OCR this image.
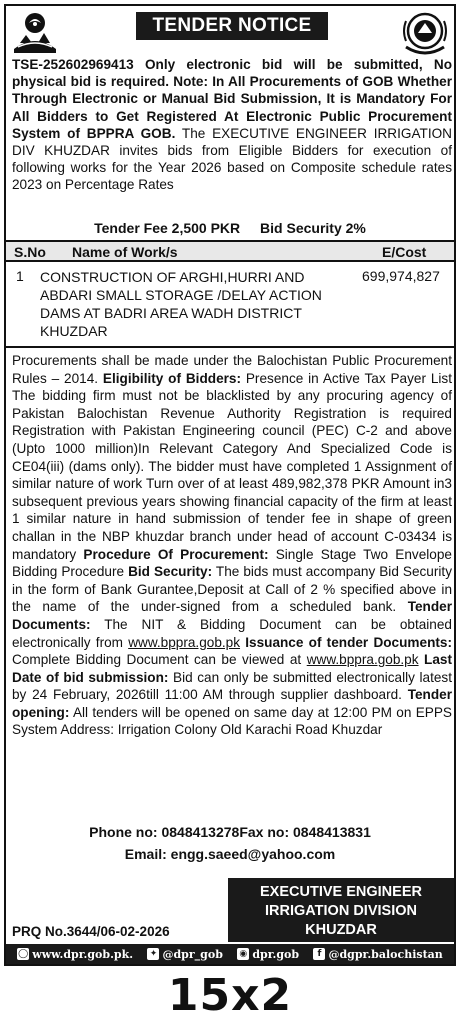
TENDER NOTICE
TSE-252602969413 Only electronic bid will be submitted, No physical bid is required. Note: In All Procurements of GOB Whether Through Electronic or Manual Bid Submission, It is Mandatory For All Bidders to Get Registered At Electronic Public Procurement System of BPPRA GOB. The EXECUTIVE ENGINEER IRRIGATION DIV KHUZDAR invites bids from Eligible Bidders for execution of following works for the Year 2026 based on Composite schedule rates 2023 on Percentage Rates
Tender Fee 2,500 PKR Bid Security 2%
S.No Name of Work/s	E/Cost
1 CONSTRUCTION OF ARGHI,HURRI AND ABDARI SMALL STORAGE /DELAY ACTION DAMS AT BADRI AREA WADH DISTRICT KHUZDAR
699,974,827
Procurements shall be made under the Balochistan Public Procurement Rules – 2014. Eligibility of Bidders: Presence in Active Tax Payer List The bidding firm must not be blacklisted by any procuring agency of Pakistan Balochistan Revenue Authority Registration is required Registration with Pakistan Engineering council (PEC) C-2 and above (Upto 1000 million)In Relevant Category And Specialized Code is CE04(iii) (dams only). The bidder must have completed 1 Assignment of similar nature of work Turn over of at least 489,982,378 PKR Amount in3 subsequent previous years showing financial capacity of the firm at least 1 similar nature in hand submission of tender fee in shape of green challan in the NBP khuzdar branch under head of account C-03434 is mandatory Procedure Of Procurement: Single Stage Two Envelope Bidding Procedure Bid Security: The bids must accompany Bid Security in the form of Bank Gurantee,Deposit at Call of 2 % specified above in the name of the under-signed from a scheduled bank. Tender Documents: The NIT & Bidding Document can be obtained electronically from www.bppra.gob.pk Issuance of tender Documents: Complete Bidding Document can be viewed at www.bppra.gob.pk Last Date of bid submission: Bid can only be submitted electronically latest by 24 February, 2026till 11:00 AM through supplier dashboard. Tender opening: All tenders will be opened on same day at 12:00 PM on EPPS System Address: Irrigation Colony Old Karachi Road Khuzdar
Phone no: 0848413278Fax no: 0848413831
Email: engg.saeed@yahoo.com
EXECUTIVE ENGINEER
IRRIGATION DIVISION
KHUZDAR
PRQ No.3644/06-02-2026
◯ www.dpr.gob.pk. ✦ @dpr_gob ◉ dpr.gob	f @dgpr.balochistan
15x2
